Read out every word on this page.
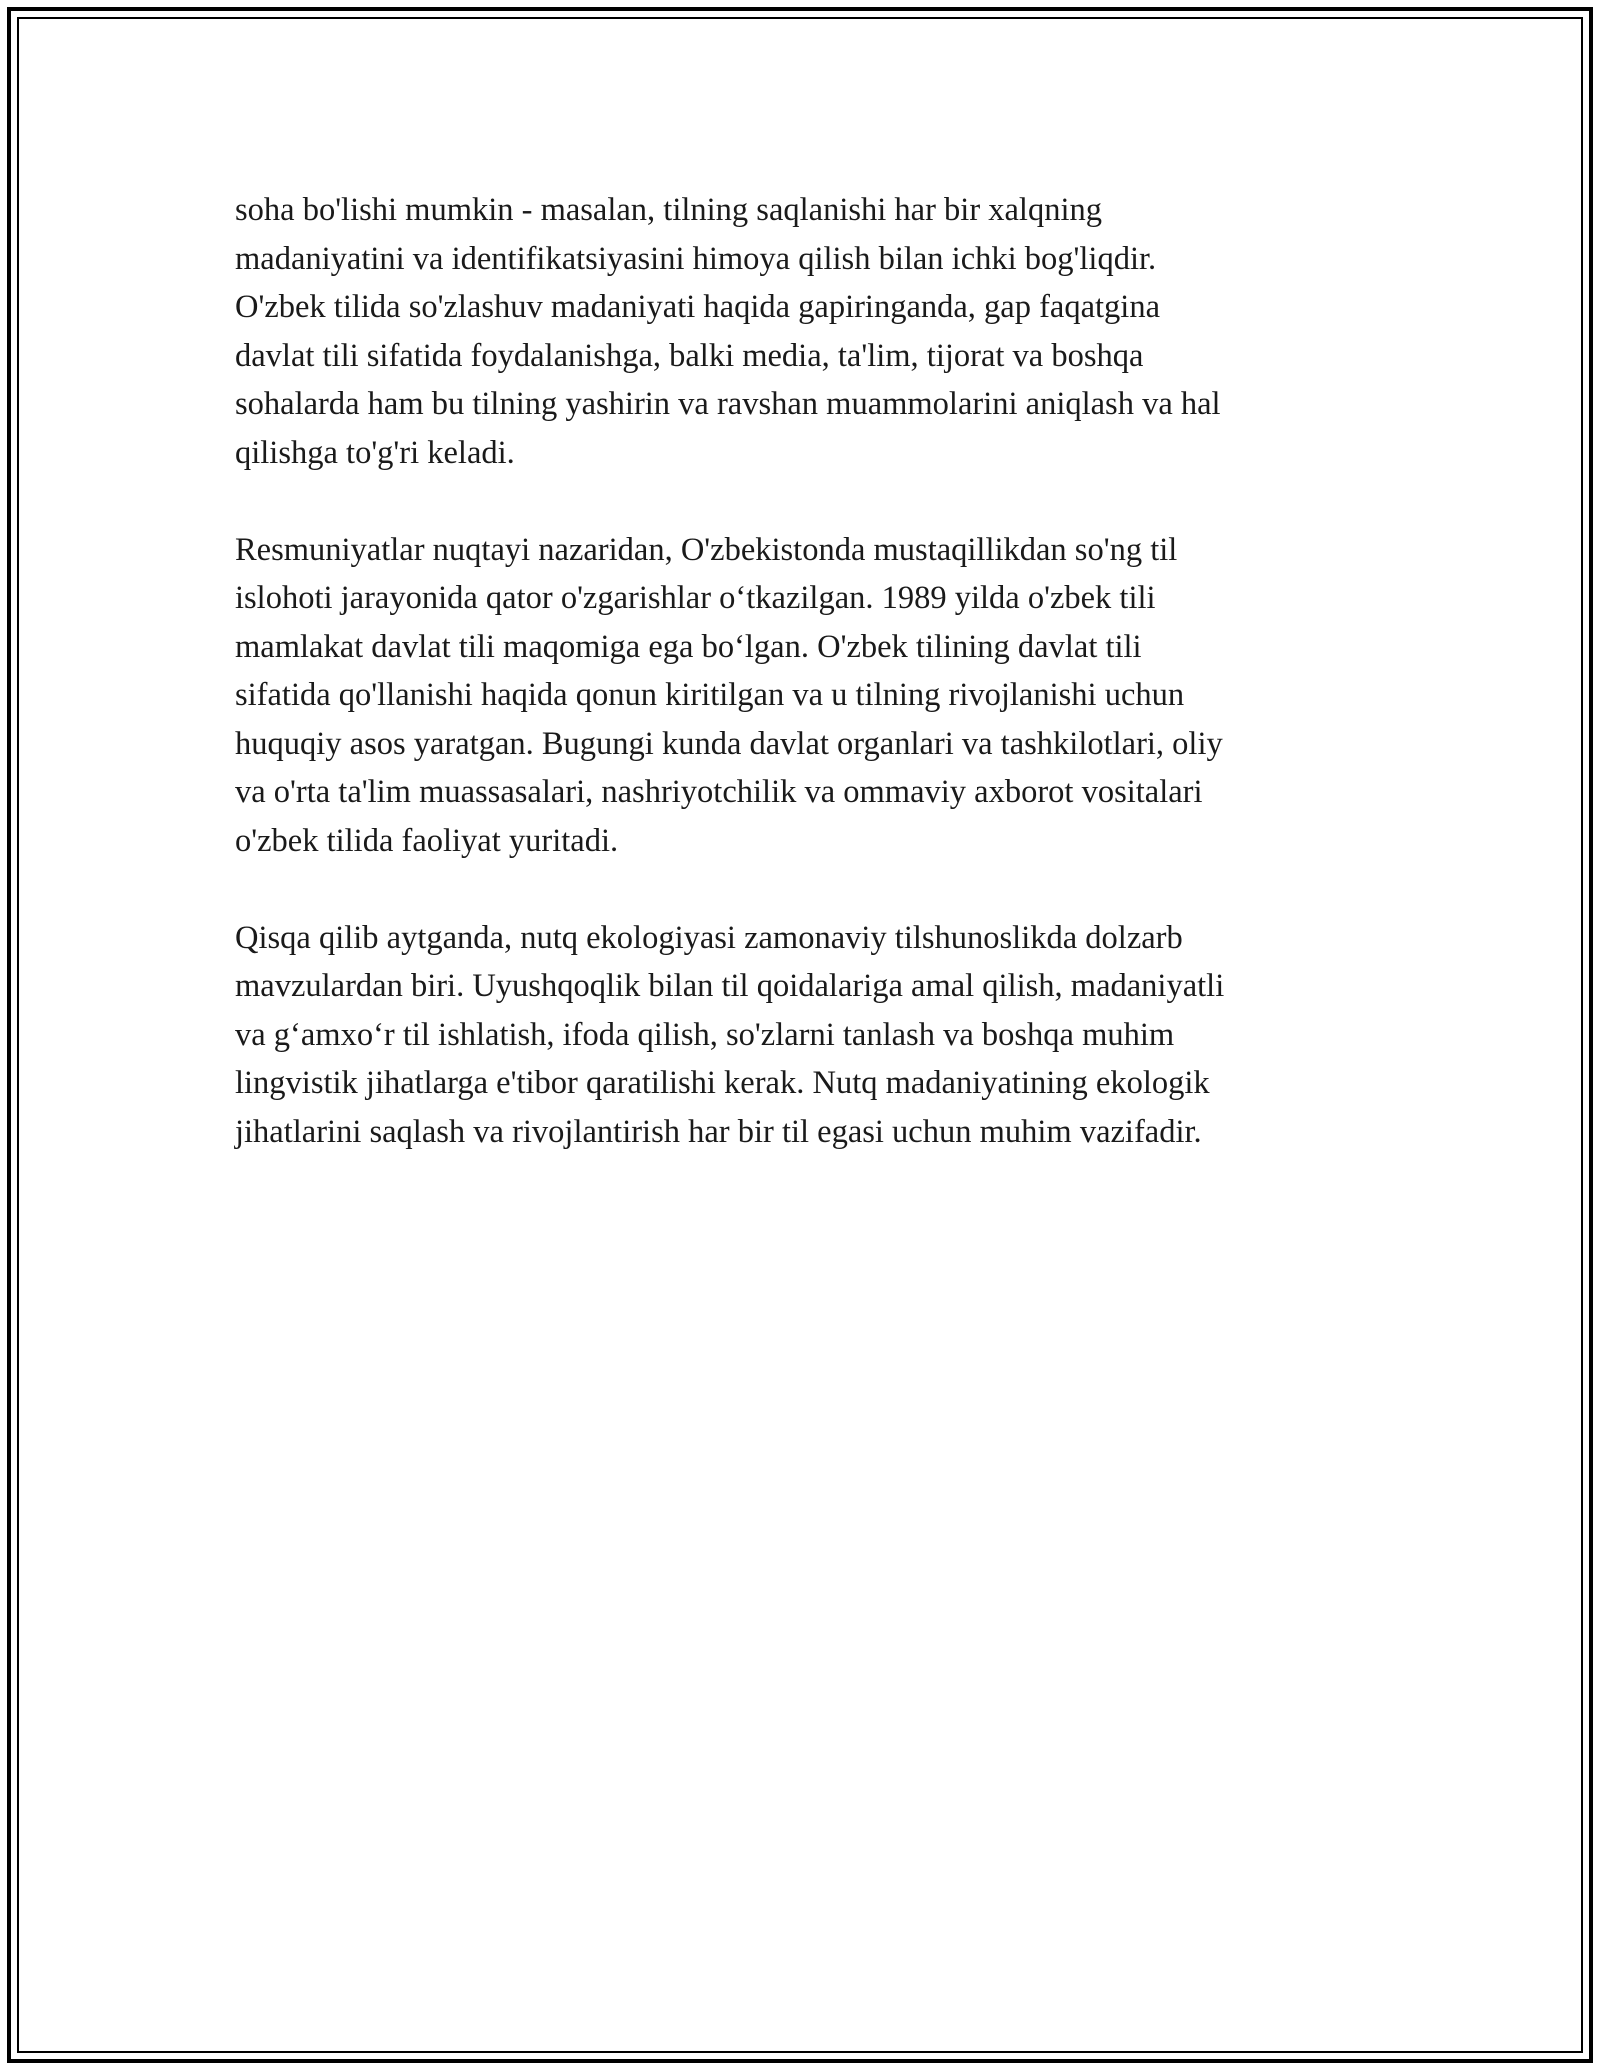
soha bo'lishi mumkin - masalan, tilning saqlanishi har bir xalqning
madaniyatini va identifikatsiyasini himoya qilish bilan ichki bog'liqdir.
O'zbek tilida so'zlashuv madaniyati haqida gapiringanda, gap faqatgina
davlat tili sifatida foydalanishga, balki media, ta'lim, tijorat va boshqa
sohalarda ham bu tilning yashirin va ravshan muammolarini aniqlash va hal
qilishga to'g'ri keladi.

Resmuniyatlar nuqtayi nazaridan, O'zbekistonda mustaqillikdan so'ng til
islohoti jarayonida qator o'zgarishlar o‘tkazilgan. 1989 yilda o'zbek tili
mamlakat davlat tili maqomiga ega bo‘lgan. O'zbek tilining davlat tili
sifatida qo'llanishi haqida qonun kiritilgan va u tilning rivojlanishi uchun
huquqiy asos yaratgan. Bugungi kunda davlat organlari va tashkilotlari, oliy
va o'rta ta'lim muassasalari, nashriyotchilik va ommaviy axborot vositalari
o'zbek tilida faoliyat yuritadi.

Qisqa qilib aytganda, nutq ekologiyasi zamonaviy tilshunoslikda dolzarb
mavzulardan biri. Uyushqoqlik bilan til qoidalariga amal qilish, madaniyatli
va g‘amxo‘r til ishlatish, ifoda qilish, so'zlarni tanlash va boshqa muhim
lingvistik jihatlarga e'tibor qaratilishi kerak. Nutq madaniyatining ekologik
jihatlarini saqlash va rivojlantirish har bir til egasi uchun muhim vazifadir.
